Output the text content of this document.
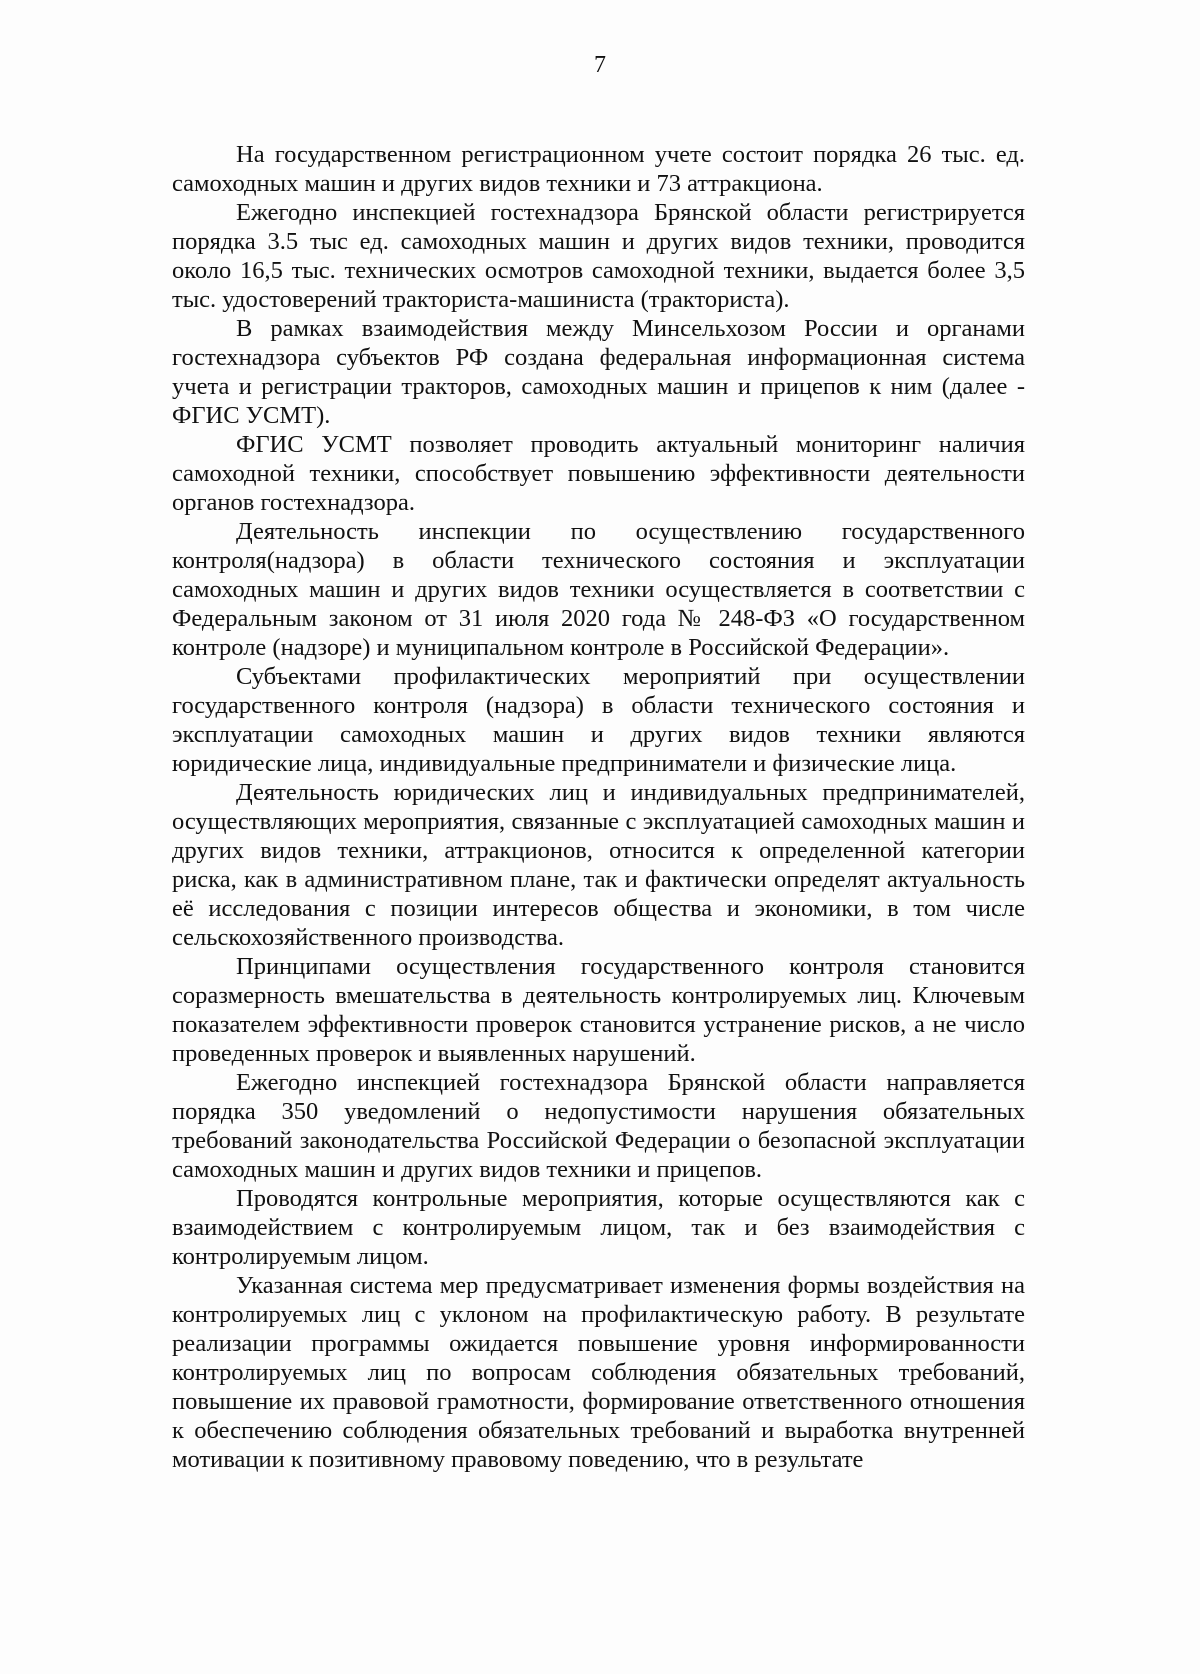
7

На государственном регистрационном учете состоит порядка 26 тыс. ед. самоходных машин и других видов техники и 73 аттракциона.

Ежегодно инспекцией гостехнадзора Брянской области регистрируется порядка 3.5 тыс ед. самоходных машин и других видов техники, проводится около 16,5 тыс. технических осмотров самоходной техники, выдается более 3,5 тыс. удостоверений тракториста-машиниста (тракториста).

В рамках взаимодействия между Минсельхозом России и органами гостехнадзора субъектов РФ создана федеральная информационная система учета и регистрации тракторов, самоходных машин и прицепов к ним (далее - ФГИС УСМТ).

ФГИС УСМТ позволяет проводить актуальный мониторинг наличия самоходной техники, способствует повышению эффективности деятельности органов гостехнадзора.

Деятельность инспекции по осуществлению государственного контроля(надзора) в области технического состояния и эксплуатации самоходных машин и других видов техники осуществляется в соответствии с Федеральным законом от 31 июля 2020 года № 248-ФЗ «О государственном контроле (надзоре) и муниципальном контроле в Российской Федерации».

Субъектами профилактических мероприятий при осуществлении государственного контроля (надзора) в области технического состояния и эксплуатации самоходных машин и других видов техники являются юридические лица, индивидуальные предприниматели и физические лица.

Деятельность юридических лиц и индивидуальных предпринимателей, осуществляющих мероприятия, связанные с эксплуатацией самоходных машин и других видов техники, аттракционов, относится к определенной категории риска, как в административном плане, так и фактически определят актуальность её исследования с позиции интересов общества и экономики, в том числе сельскохозяйственного производства.

Принципами осуществления государственного контроля становится соразмерность вмешательства в деятельность контролируемых лиц. Ключевым показателем эффективности проверок становится устранение рисков, а не число проведенных проверок и выявленных нарушений.

Ежегодно инспекцией гостехнадзора Брянской области направляется порядка 350 уведомлений о недопустимости нарушения обязательных требований законодательства Российской Федерации о безопасной эксплуатации самоходных машин и других видов техники и прицепов.

Проводятся контрольные мероприятия, которые осуществляются как с взаимодействием с контролируемым лицом, так и без взаимодействия с контролируемым лицом.

Указанная система мер предусматривает изменения формы воздействия на контролируемых лиц с уклоном на профилактическую работу. В результате реализации программы ожидается повышение уровня информированности контролируемых лиц по вопросам соблюдения обязательных требований, повышение их правовой грамотности, формирование ответственного отношения к обеспечению соблюдения обязательных требований и выработка внутренней мотивации к позитивному правовому поведению, что в результате
